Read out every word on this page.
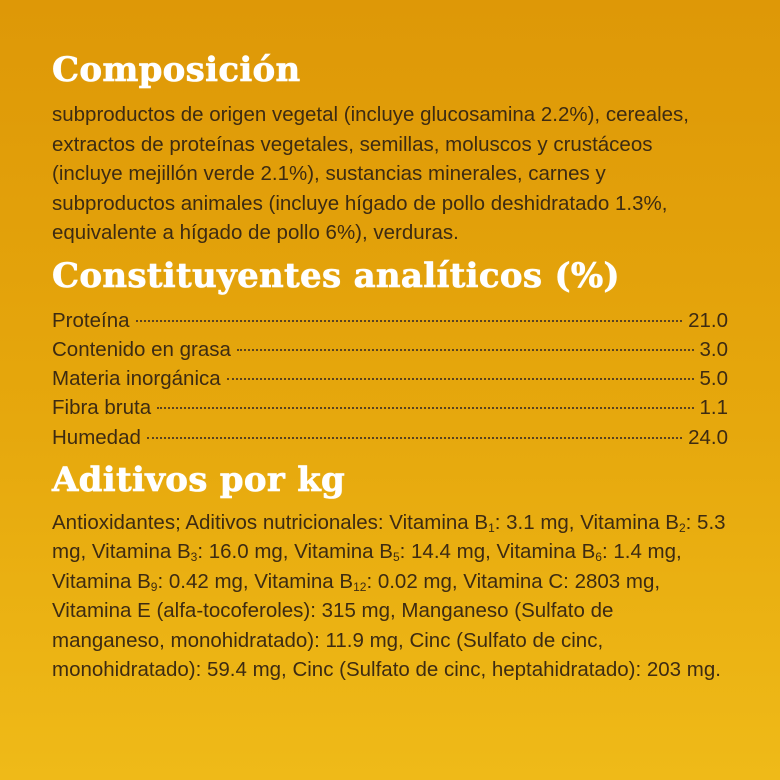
Composición

subproductos de origen vegetal (incluye glucosamina 2.2%), cereales, extractos de proteínas vegetales, semillas, moluscos y crustáceos (incluye mejillón verde 2.1%), sustancias minerales, carnes y subproductos animales (incluye hígado de pollo deshidratado 1.3%, equivalente a hígado de pollo 6%), verduras.

Constituyentes analíticos (%)
Proteína	21.0
Contenido en grasa	3.0
Materia inorgánica	5.0
Fibra bruta	1.1
Humedad	24.0
Aditivos por kg

Antioxidantes; Aditivos nutricionales: Vitamina $B_1$: 3.1 mg, Vitamina $B_2$: 5.3 mg, Vitamina $B_3$: 16.0 mg, Vitamina $B_5$: 14.4 mg, Vitamina $B_6$: 1.4 mg, Vitamina $B_9$: 0.42 mg, Vitamina $B_{12}$: 0.02 mg, Vitamina C: 2803 mg, Vitamina E (alfa-tocoferoles): 315 mg, Manganeso (Sulfato de manganeso, monohidratado): 11.9 mg, Cinc (Sulfato de cinc, monohidratado): 59.4 mg, Cinc (Sulfato de cinc, heptahidratado): 203 mg.
